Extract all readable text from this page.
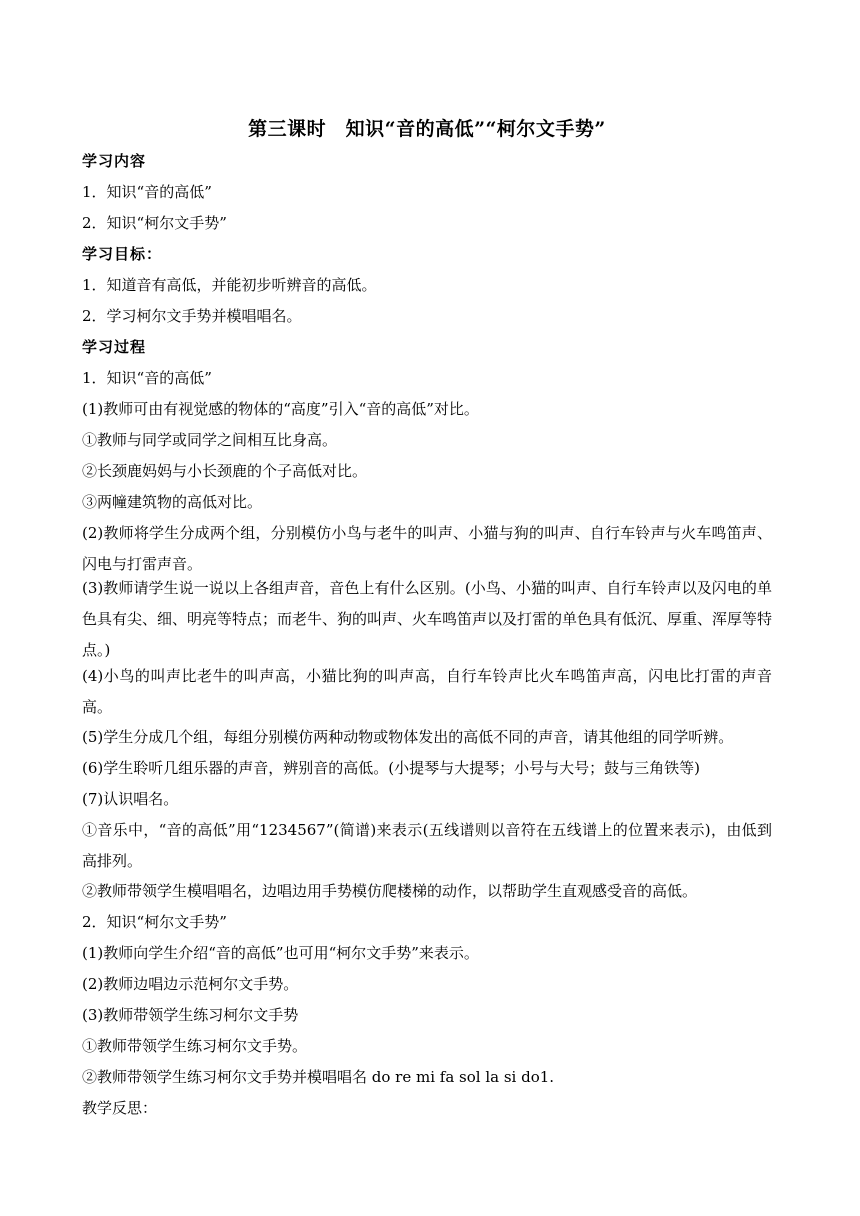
第三课时　知识“音的高低”“柯尔文手势”

学习内容

1．知识“音的高低”

2．知识“柯尔文手势”

学习目标：

1．知道音有高低，并能初步听辨音的高低。

2．学习柯尔文手势并模唱唱名。

学习过程

1．知识“音的高低”

(1)教师可由有视觉感的物体的“高度”引入“音的高低”对比。

①教师与同学或同学之间相互比身高。

②长颈鹿妈妈与小长颈鹿的个子高低对比。

③两幢建筑物的高低对比。

(2)教师将学生分成两个组，分别模仿小鸟与老牛的叫声、小猫与狗的叫声、自行车铃声与火车鸣笛声、闪电与打雷声音。

(3)教师请学生说一说以上各组声音，音色上有什么区别。(小鸟、小猫的叫声、自行车铃声以及闪电的单色具有尖、细、明亮等特点；而老牛、狗的叫声、火车鸣笛声以及打雷的单色具有低沉、厚重、浑厚等特点。)

(4)小鸟的叫声比老牛的叫声高，小猫比狗的叫声高，自行车铃声比火车鸣笛声高，闪电比打雷的声音高。

(5)学生分成几个组，每组分别模仿两种动物或物体发出的高低不同的声音，请其他组的同学听辨。

(6)学生聆听几组乐器的声音，辨别音的高低。(小提琴与大提琴；小号与大号；鼓与三角铁等)

(7)认识唱名。

①音乐中，“音的高低”用“1234567”(简谱)来表示(五线谱则以音符在五线谱上的位置来表示)，由低到高排列。

②教师带领学生模唱唱名，边唱边用手势模仿爬楼梯的动作，以帮助学生直观感受音的高低。

2．知识“柯尔文手势”

(1)教师向学生介绍“音的高低”也可用“柯尔文手势”来表示。

(2)教师边唱边示范柯尔文手势。

(3)教师带领学生练习柯尔文手势

①教师带领学生练习柯尔文手势。

②教师带领学生练习柯尔文手势并模唱唱名 do re mi fa sol la si do1.

教学反思：
